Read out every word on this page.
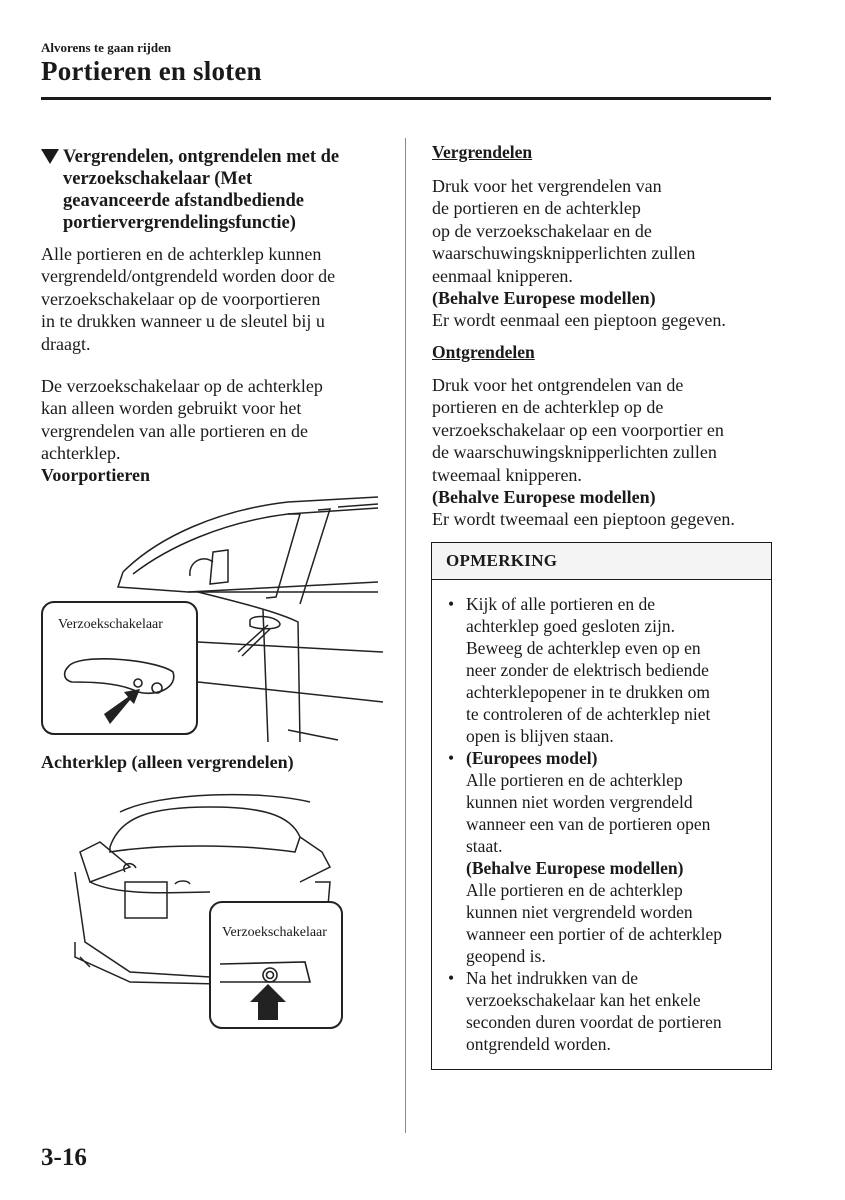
Alvorens te gaan rijden
Portieren en sloten
Vergrendelen, ontgrendelen met de
verzoekschakelaar (Met
geavanceerde afstandbediende
portiervergrendelingsfunctie)
Alle portieren en de achterklep kunnen
vergrendeld/ontgrendeld worden door de
verzoekschakelaar op de voorportieren
in te drukken wanneer u de sleutel bij u
draagt.
De verzoekschakelaar op de achterklep
kan alleen worden gebruikt voor het
vergrendelen van alle portieren en de
achterklep.
Voorportieren
Verzoekschakelaar
Achterklep (alleen vergrendelen)
Verzoekschakelaar
Vergrendelen
Druk voor het vergrendelen van
de portieren en de achterklep
op de verzoekschakelaar en de
waarschuwingsknipperlichten zullen
eenmaal knipperen.
(Behalve Europese modellen)
Er wordt eenmaal een pieptoon gegeven.
Ontgrendelen
Druk voor het ontgrendelen van de
portieren en de achterklep op de
verzoekschakelaar op een voorportier en
de waarschuwingsknipperlichten zullen
tweemaal knipperen.
(Behalve Europese modellen)
Er wordt tweemaal een pieptoon gegeven.
OPMERKING
• Kijk of alle portieren en de
achterklep goed gesloten zijn.
Beweeg de achterklep even op en
neer zonder de elektrisch bediende
achterklepopener in te drukken om
te controleren of de achterklep niet
open is blijven staan.
• (Europees model)
Alle portieren en de achterklep
kunnen niet worden vergrendeld
wanneer een van de portieren open
staat.
(Behalve Europese modellen)
Alle portieren en de achterklep
kunnen niet vergrendeld worden
wanneer een portier of de achterklep
geopend is.
• Na het indrukken van de
verzoekschakelaar kan het enkele
seconden duren voordat de portieren
ontgrendeld worden.
3-16
